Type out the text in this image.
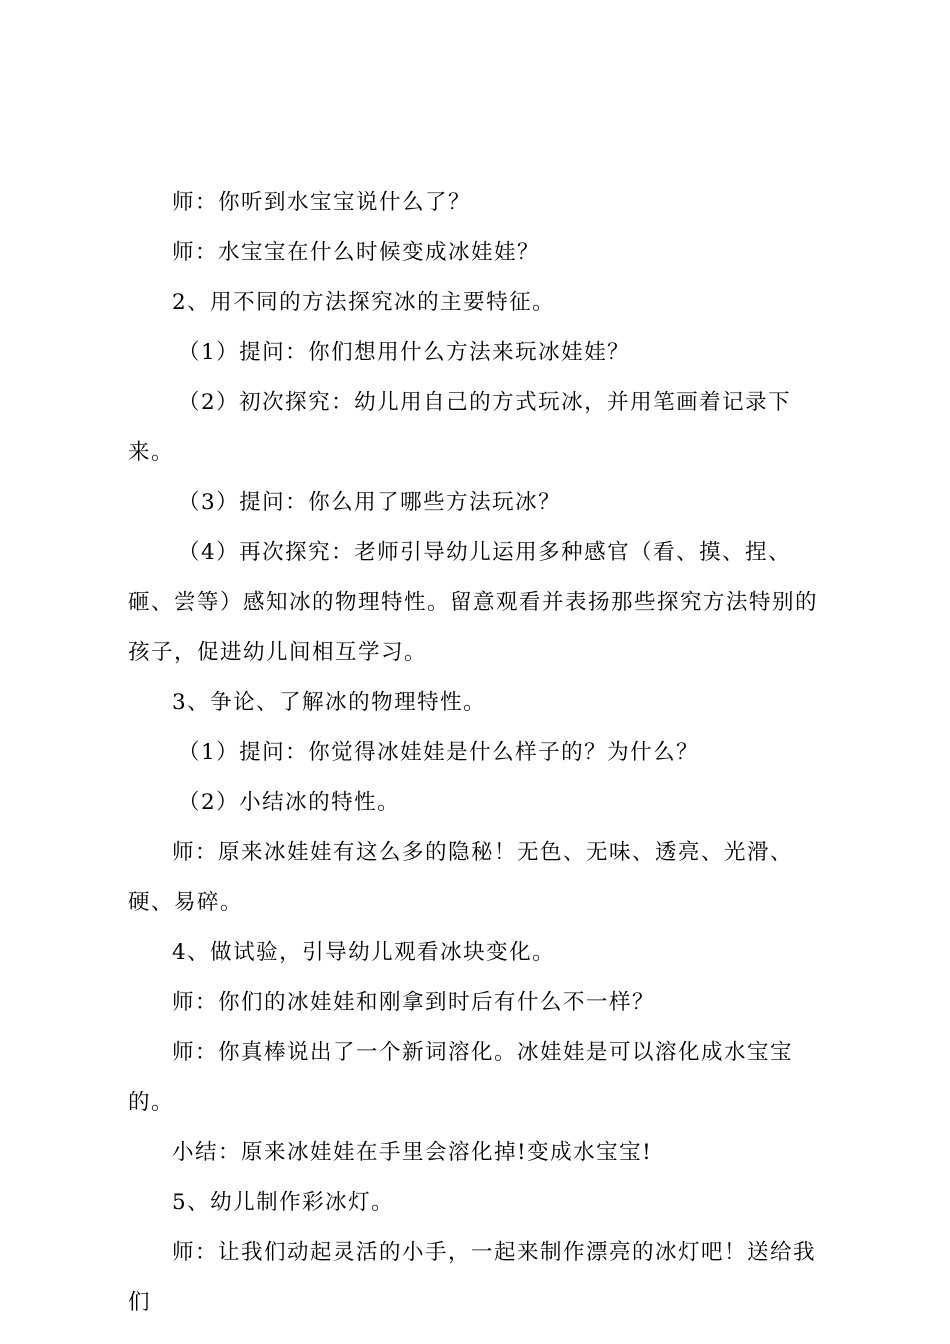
师：你听到水宝宝说什么了？

师：水宝宝在什么时候变成冰娃娃？

2、用不同的方法探究冰的主要特征。

（1）提问：你们想用什么方法来玩冰娃娃？

（2）初次探究：幼儿用自己的方式玩冰，并用笔画着记录下来。

（3）提问：你么用了哪些方法玩冰？

（4）再次探究：老师引导幼儿运用多种感官（看、摸、捏、砸、尝等）感知冰的物理特性。留意观看并表扬那些探究方法特别的孩子，促进幼儿间相互学习。

3、争论、了解冰的物理特性。

（1）提问：你觉得冰娃娃是什么样子的？为什么？

（2）小结冰的特性。

师：原来冰娃娃有这么多的隐秘！无色、无味、透亮、光滑、硬、易碎。

4、做试验，引导幼儿观看冰块变化。

师：你们的冰娃娃和刚拿到时后有什么不一样？

师：你真棒说出了一个新词溶化。冰娃娃是可以溶化成水宝宝的。

小结：原来冰娃娃在手里会溶化掉!变成水宝宝!

5、幼儿制作彩冰灯。

师：让我们动起灵活的小手，一起来制作漂亮的冰灯吧！送给我们
